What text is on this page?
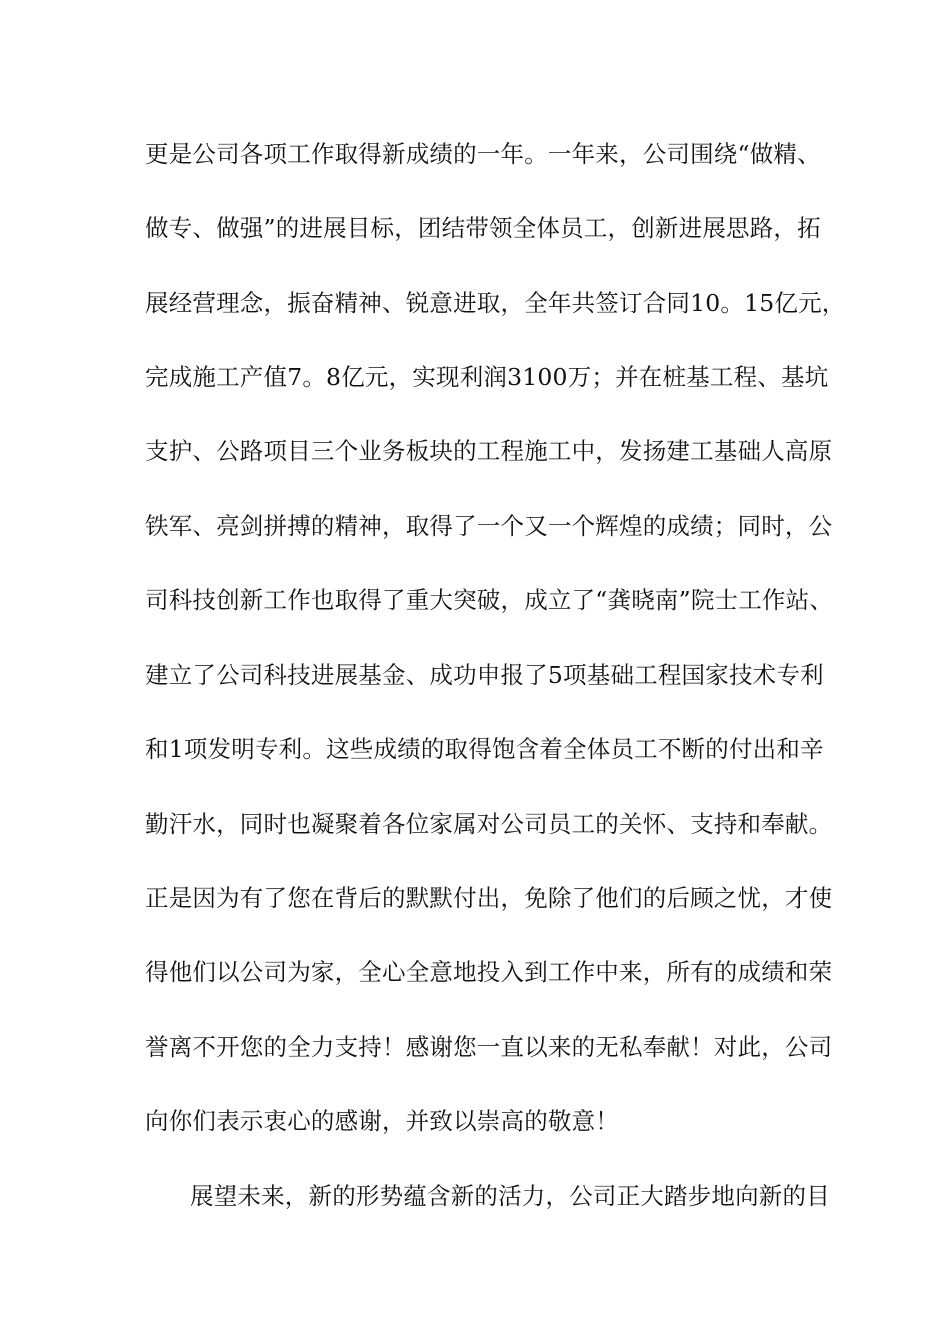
更是公司各项工作取得新成绩的一年。一年来，公司围绕“做精、
做专、做强”的进展目标，团结带领全体员工，创新进展思路，拓
展经营理念，振奋精神、锐意进取，全年共签订合同10。15亿元，
完成施工产值7。8亿元，实现利润3100万；并在桩基工程、基坑
支护、公路项目三个业务板块的工程施工中，发扬建工基础人高原
铁军、亮剑拼搏的精神，取得了一个又一个辉煌的成绩；同时，公
司科技创新工作也取得了重大突破，成立了“龚晓南”院士工作站、
建立了公司科技进展基金、成功申报了5项基础工程国家技术专利
和1项发明专利。这些成绩的取得饱含着全体员工不断的付出和辛
勤汗水，同时也凝聚着各位家属对公司员工的关怀、支持和奉献。
正是因为有了您在背后的默默付出，免除了他们的后顾之忧，才使
得他们以公司为家，全心全意地投入到工作中来，所有的成绩和荣
誉离不开您的全力支持！感谢您一直以来的无私奉献！对此，公司
向你们表示衷心的感谢，并致以崇高的敬意！
展望未来，新的形势蕴含新的活力，公司正大踏步地向新的目
